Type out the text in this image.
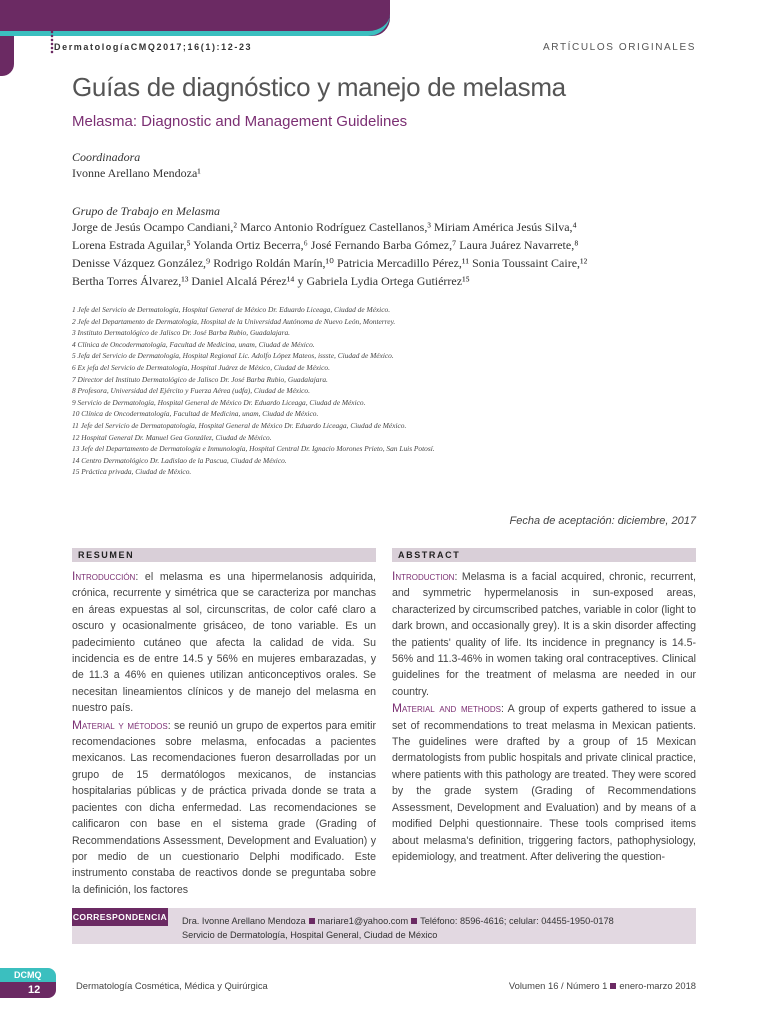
DermatologíaCMQ2017;16(1):12-23	ARTÍCULOS ORIGINALES
Guías de diagnóstico y manejo de melasma
Melasma: Diagnostic and Management Guidelines
Coordinadora
Ivonne Arellano Mendoza¹
Grupo de Trabajo en Melasma
Jorge de Jesús Ocampo Candiani,² Marco Antonio Rodríguez Castellanos,³ Miriam América Jesús Silva,⁴
Lorena Estrada Aguilar,⁵ Yolanda Ortiz Becerra,⁶ José Fernando Barba Gómez,⁷ Laura Juárez Navarrete,⁸
Denisse Vázquez González,⁹ Rodrigo Roldán Marín,¹⁰ Patricia Mercadillo Pérez,¹¹ Sonia Toussaint Caire,¹²
Bertha Torres Álvarez,¹³ Daniel Alcalá Pérez¹⁴ y Gabriela Lydia Ortega Gutiérrez¹⁵
1 Jefe del Servicio de Dermatología, Hospital General de México Dr. Eduardo Liceaga, Ciudad de México.
2 Jefe del Departamento de Dermatología, Hospital de la Universidad Autónoma de Nuevo León, Monterrey.
3 Instituto Dermatológico de Jalisco Dr. José Barba Rubio, Guadalajara.
4 Clínica de Oncodermatología, Facultad de Medicina, unam, Ciudad de México.
5 Jefa del Servicio de Dermatología, Hospital Regional Lic. Adolfo López Mateos, issste, Ciudad de México.
6 Ex jefa del Servicio de Dermatología, Hospital Juárez de México, Ciudad de México.
7 Director del Instituto Dermatológico de Jalisco Dr. José Barba Rubio, Guadalajara.
8 Profesora, Universidad del Ejército y Fuerza Aérea (udfa), Ciudad de México.
9 Servicio de Dermatología, Hospital General de México Dr. Eduardo Liceaga, Ciudad de México.
10 Clínica de Oncodermatología, Facultad de Medicina, unam, Ciudad de México.
11 Jefe del Servicio de Dermatopatología, Hospital General de México Dr. Eduardo Liceaga, Ciudad de México.
12 Hospital General Dr. Manuel Gea González, Ciudad de México.
13 Jefe del Departamento de Dermatología e Inmunología, Hospital Central Dr. Ignacio Morones Prieto, San Luis Potosí.
14 Centro Dermatológico Dr. Ladislao de la Pascua, Ciudad de México.
15 Práctica privada, Ciudad de México.
Fecha de aceptación: diciembre, 2017
RESUMEN	ABSTRACT

Introducción: el melasma es una hipermelanosis adquirida, crónica, recurrente y simétrica que se caracteriza por manchas en áreas expuestas al sol, circunscritas, de color café claro a oscuro y ocasionalmente grisáceo, de tono variable. Es un padecimiento cutáneo que afecta la calidad de vida. Su incidencia es de entre 14.5 y 56% en mujeres embarazadas, y de 11.3 a 46% en quienes utilizan anticonceptivos orales. Se necesitan lineamientos clínicos y de manejo del melasma en nuestro país.

Material y métodos: se reunió un grupo de expertos para emitir recomendaciones sobre melasma, enfocadas a pacientes mexicanos. Las recomendaciones fueron desarrolladas por un grupo de 15 dermatólogos mexicanos, de instancias hospitalarias públicas y de práctica privada donde se trata a pacientes con dicha enfermedad. Las recomendaciones se calificaron con base en el sistema grade (Grading of Recommendations Assessment, Development and Evaluation) y por medio de un cuestionario Delphi modificado. Este instrumento constaba de reactivos donde se preguntaba sobre la definición, los factores

Introduction: Melasma is a facial acquired, chronic, recurrent, and symmetric hypermelanosis in sun-exposed areas, characterized by circumscribed patches, variable in color (light to dark brown, and occasionally grey). It is a skin disorder affecting the patients' quality of life. Its incidence in pregnancy is 14.5-56% and 11.3-46% in women taking oral contraceptives. Clinical guidelines for the treatment of melasma are needed in our country.

Material and methods: A group of experts gathered to issue a set of recommendations to treat melasma in Mexican patients. The guidelines were drafted by a group of 15 Mexican dermatologists from public hospitals and private clinical practice, where patients with this pathology are treated. They were scored by the grade system (Grading of Recommendations Assessment, Development and Evaluation) and by means of a modified Delphi questionnaire. These tools comprised items about melasma's definition, triggering factors, pathophysiology, epidemiology, and treatment. After delivering the question-

CORRESPONDENCIA Dra. Ivonne Arellano Mendoza mariare1@yahoo.com Teléfono: 8596-4616; celular: 04455-1950-0178
Servicio de Dermatología, Hospital General, Ciudad de México
DCMQ
12	Dermatología Cosmética, Médica y Quirúrgica	Volumen 16 / Número 1 enero-marzo 2018
